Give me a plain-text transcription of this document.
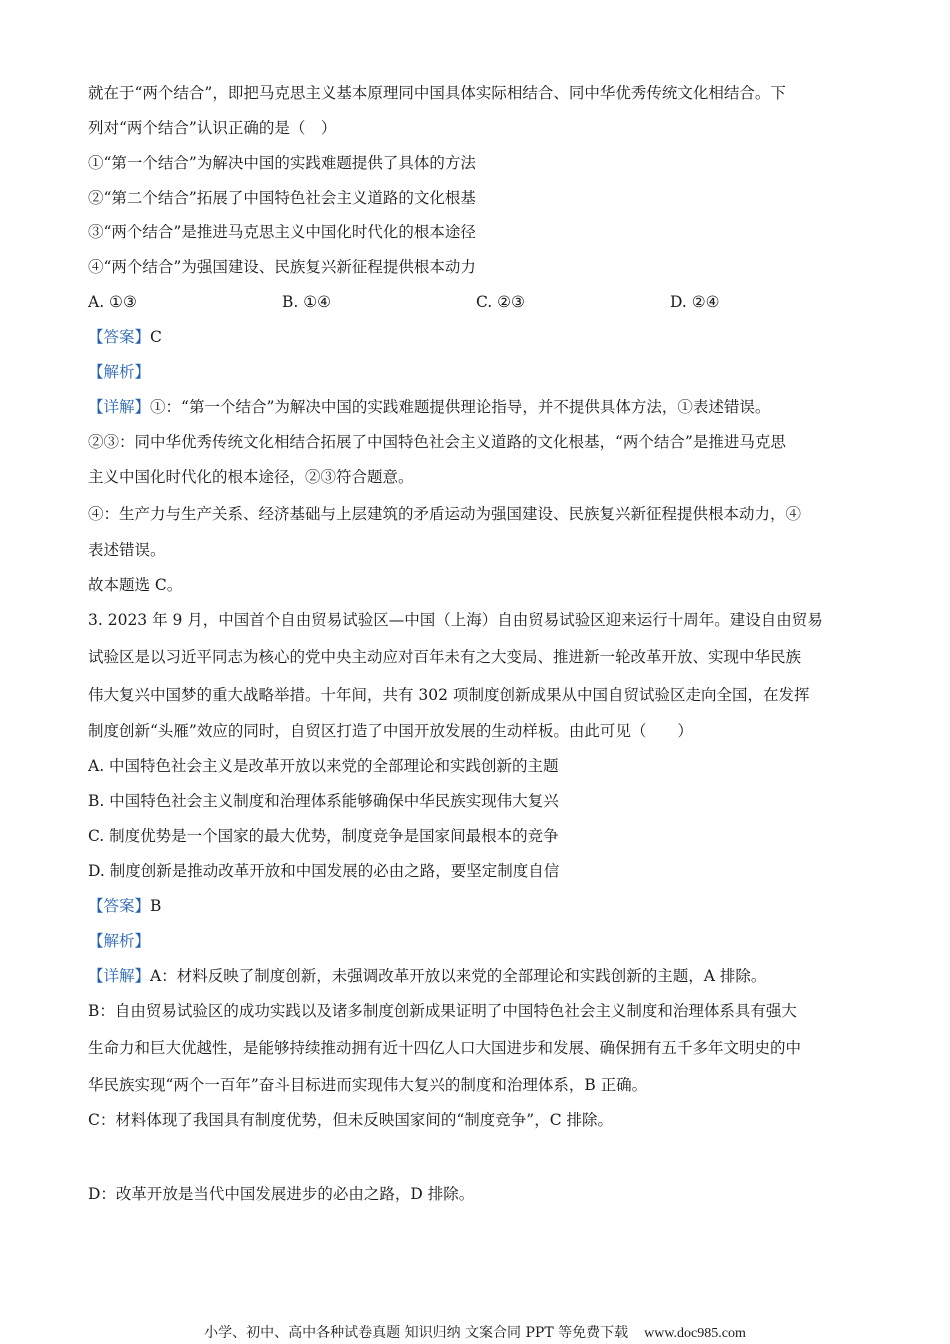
就在于“两个结合”，即把马克思主义基本原理同中国具体实际相结合、同中华优秀传统文化相结合。下
列对“两个结合”认识正确的是（　）
①“第一个结合”为解决中国的实践难题提供了具体的方法
②“第二个结合”拓展了中国特色社会主义道路的文化根基
③“两个结合”是推进马克思主义中国化时代化的根本途径
④“两个结合”为强国建设、民族复兴新征程提供根本动力
A. ①③	B. ①④	C. ②③	D. ②④
【答案】C
【解析】
【详解】①：“第一个结合”为解决中国的实践难题提供理论指导，并不提供具体方法，①表述错误。
②③：同中华优秀传统文化相结合拓展了中国特色社会主义道路的文化根基，“两个结合”是推进马克思
主义中国化时代化的根本途径，②③符合题意。
④：生产力与生产关系、经济基础与上层建筑的矛盾运动为强国建设、民族复兴新征程提供根本动力，④
表述错误。
故本题选 C。
3. 2023 年 9 月，中国首个自由贸易试验区—中国（上海）自由贸易试验区迎来运行十周年。建设自由贸易
试验区是以习近平同志为核心的党中央主动应对百年未有之大变局、推进新一轮改革开放、实现中华民族
伟大复兴中国梦的重大战略举措。十年间，共有 302 项制度创新成果从中国自贸试验区走向全国，在发挥
制度创新“头雁”效应的同时，自贸区打造了中国开放发展的生动样板。由此可见（　　）
A. 中国特色社会主义是改革开放以来党的全部理论和实践创新的主题
B. 中国特色社会主义制度和治理体系能够确保中华民族实现伟大复兴
C. 制度优势是一个国家的最大优势，制度竞争是国家间最根本的竞争
D. 制度创新是推动改革开放和中国发展的必由之路，要坚定制度自信
【答案】B
【解析】
【详解】A：材料反映了制度创新，未强调改革开放以来党的全部理论和实践创新的主题，A 排除。
B：自由贸易试验区的成功实践以及诸多制度创新成果证明了中国特色社会主义制度和治理体系具有强大
生命力和巨大优越性，是能够持续推动拥有近十四亿人口大国进步和发展、确保拥有五千多年文明史的中
华民族实现“两个一百年”奋斗目标进而实现伟大复兴的制度和治理体系，B 正确。
C：材料体现了我国具有制度优势，但未反映国家间的“制度竞争”，C 排除。
D：改革开放是当代中国发展进步的必由之路，D 排除。
小学、初中、高中各种试卷真题 知识归纳 文案合同 PPT 等免费下载 www.doc985.com
